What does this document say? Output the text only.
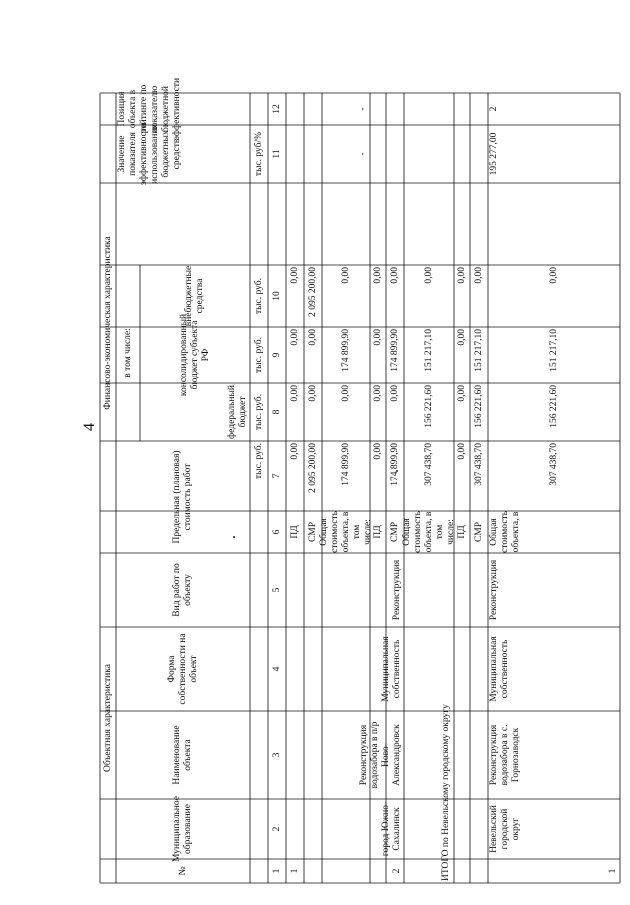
4
Объектная характеристика
Финансово-экономическая характеристика
№
Муниципальное образование
Наименование объекта
Форма собственности на объект
Вид работ по объекту
Предельная (плановая) стоимость работ
в том числе:
федеральный бюджет
консолидированный бюджет субъекта РФ
внебюджетные средства
Значение показателя эффективности использования бюджетных средств
Позиция объекта в рейтинге по показателю бюджетной эффективности
тыс. руб.
тыс. руб.
тыс. руб.
тыс. руб.
тыс. руб/%
1
2
3
4
5
6
7
8
9
10
11
12
1
ПД
0,00
0,00
0,00
0,00
СМР
2 095 200,00
0,00
0,00
2 095 200,00
-
-
2
город Южно-Сахалинск
Реконструкция водозабора в п/р Ново-Александровск
Муниципальная собственность
Реконструкция
Общая стоимость объекта, в том числе:
174 899,90
0,00
174 899,90
0,00
ПД
0,00
0,00
0,00
0,00
СМР
174 899,90
0,00
174 899,90
0,00
ИТОГО по Невельскому городскому округу
Общая стоимость объекта, в том числе:
307 438,70
156 221,60
151 217,10
0,00
ПД
0,00
0,00
0,00
0,00
СМР
307 438,70
156 221,60
151 217,10
0,00
1
Невельский городской округ
Реконструкция водозабора в с. Горнозаводск
Муниципальная собственность
Реконструкция
Общая стоимость объекта, в
307 438,70
156 221,60
151 217,10
0,00
195 277,00
2
